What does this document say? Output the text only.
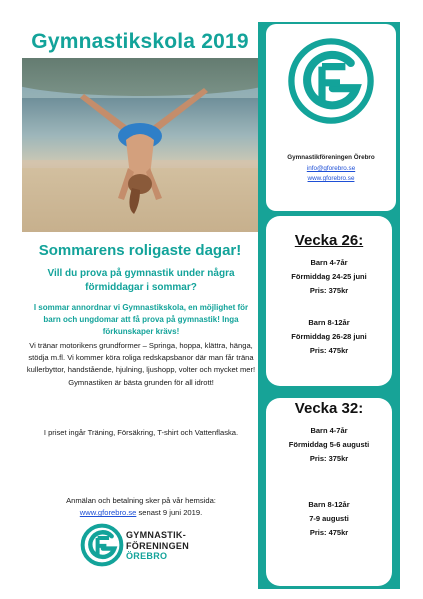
Gymnastikskola 2019
Sommarens roligaste dagar!
Vill du prova på gymnastik under några förmiddagar i sommar?
I sommar annordnar vi Gymnastikskola, en möjlighet för barn och ungdomar att få prova på gymnastik! Inga förkunskaper krävs!
Vi tränar motorikens grundformer – Springa, hoppa, klättra, hänga, stödja m.fl. Vi kommer köra roliga redskapsbanor där man får träna kullerbyttor, handstående, hjulning, ljushopp, volter och mycket mer! Gymnastiken är bästa grunden för all idrott!
I priset ingår Träning, Försäkring, T-shirt och Vattenflaska.
Anmälan och betalning sker på vår hemsida:
www.gforebro.se senast 9 juni 2019.
GYMNASTIK-
FÖRENINGEN
ÖREBRO
Gymnastikföreningen Örebro
info@gforebro.se
www.gforebro.se
Vecka 26:
Barn 4-7år
Förmiddag 24-25 juni
Pris: 375kr
Barn 8-12år
Förmiddag 26-28 juni
Pris: 475kr
Vecka 32:
Barn 4-7år
Förmiddag 5-6 augusti
Pris: 375kr
Barn 8-12år
7-9 augusti
Pris: 475kr
